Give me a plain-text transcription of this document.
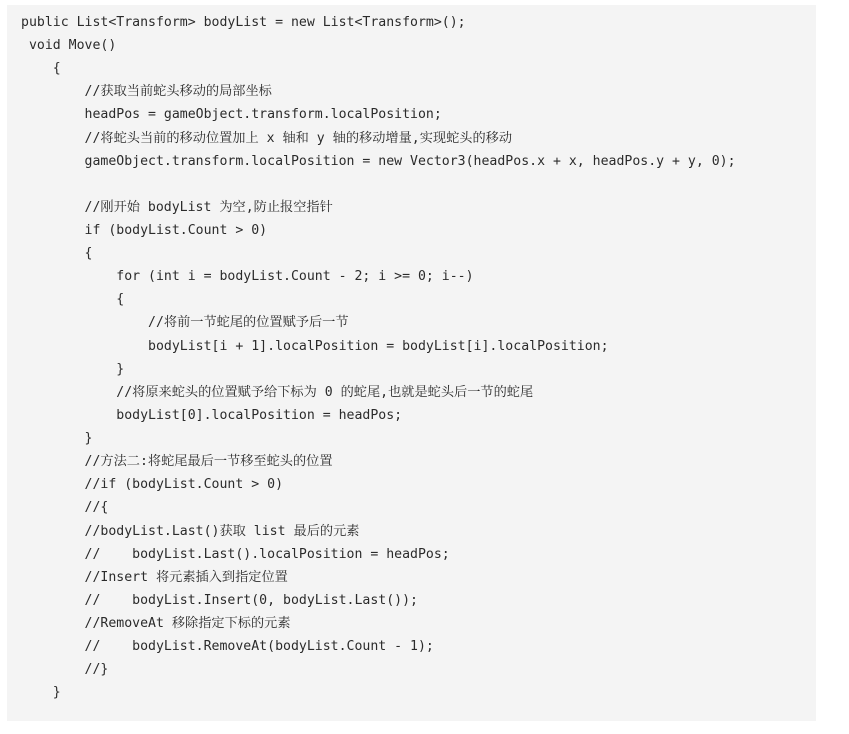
public List<Transform> bodyList = new List<Transform>();
void Move()
{
//获取当前蛇头移动的局部坐标
headPos = gameObject.transform.localPosition;
//将蛇头当前的移动位置加上 x 轴和 y 轴的移动增量,实现蛇头的移动
gameObject.transform.localPosition = new Vector3(headPos.x + x, headPos.y + y, 0);
//刚开始 bodyList 为空,防止报空指针
if (bodyList.Count > 0)
{
for (int i = bodyList.Count - 2; i >= 0; i--)
{
//将前一节蛇尾的位置赋予后一节
bodyList[i + 1].localPosition = bodyList[i].localPosition;
}
//将原来蛇头的位置赋予给下标为 0 的蛇尾,也就是蛇头后一节的蛇尾
bodyList[0].localPosition = headPos;
}
//方法二:将蛇尾最后一节移至蛇头的位置
//if (bodyList.Count > 0)
//{
//bodyList.Last()获取 list 最后的元素
//    bodyList.Last().localPosition = headPos;
//Insert 将元素插入到指定位置
//    bodyList.Insert(0, bodyList.Last());
//RemoveAt 移除指定下标的元素
//    bodyList.RemoveAt(bodyList.Count - 1);
//}
}
